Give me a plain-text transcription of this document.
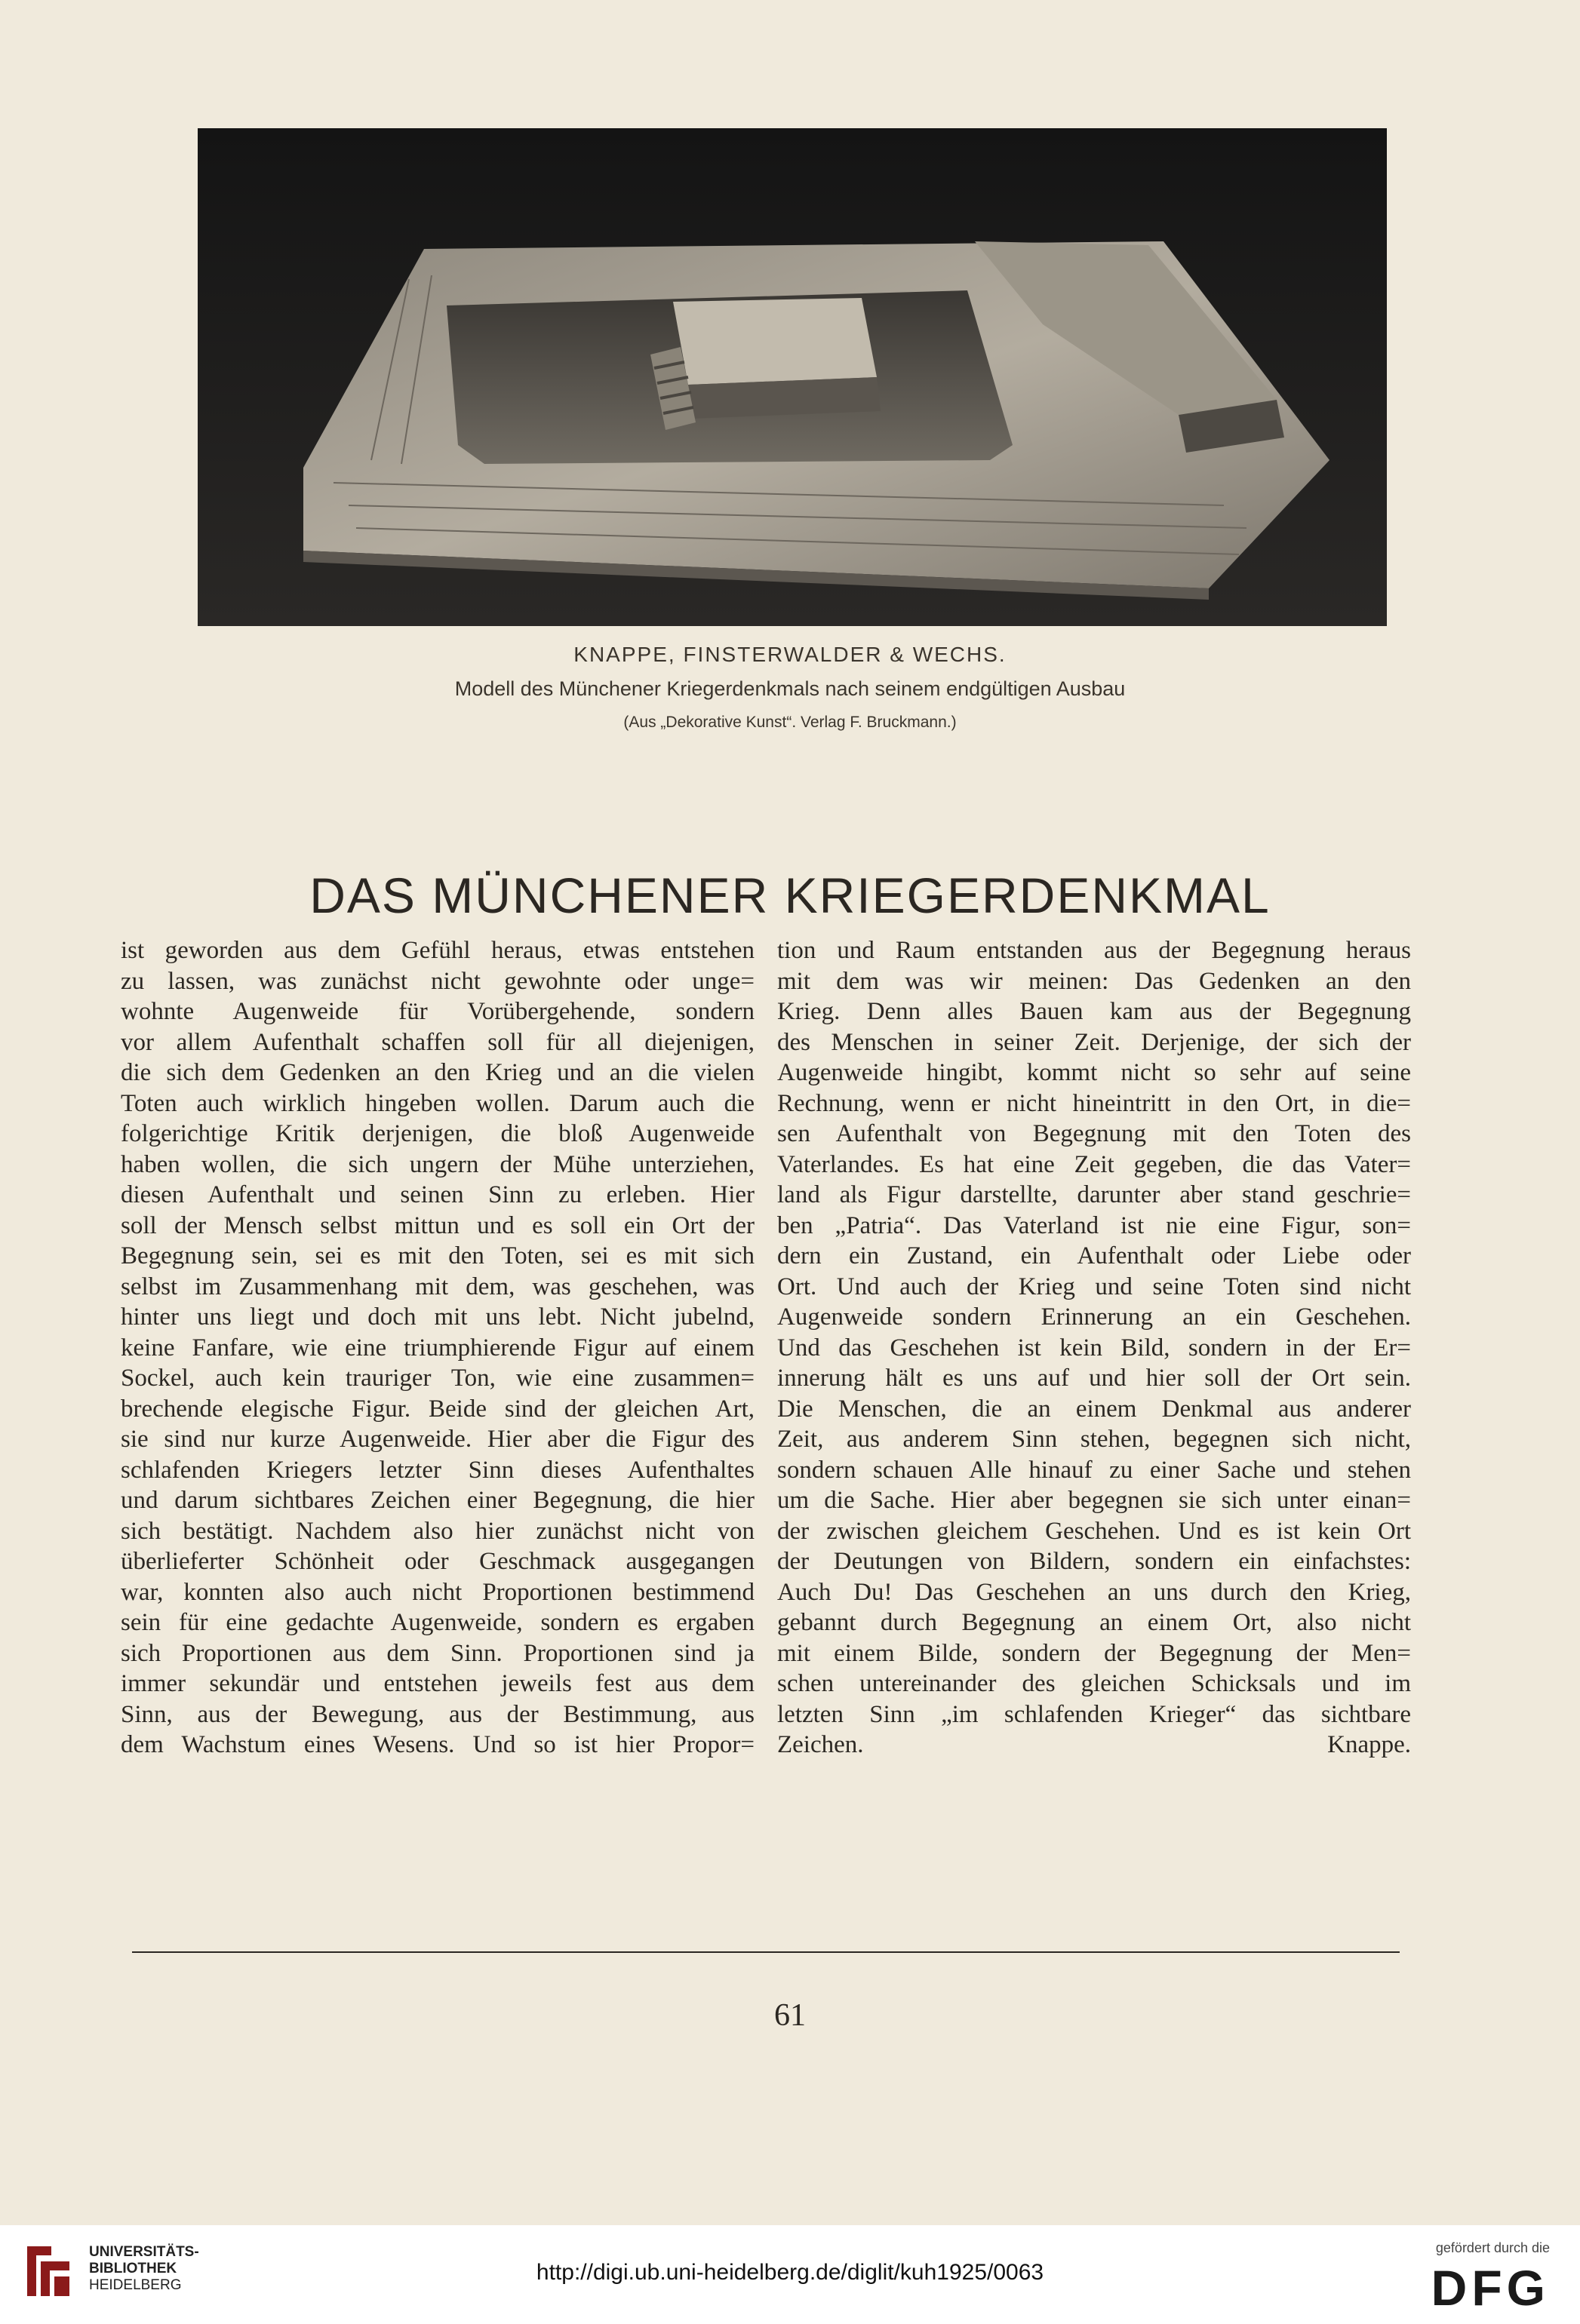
KNAPPE, FINSTERWALDER & WECHS.
Modell des Münchener Kriegerdenkmals nach seinem endgültigen Ausbau
(Aus „Dekorative Kunst“. Verlag F. Bruckmann.)
DAS MÜNCHENER KRIEGERDENKMAL
ist geworden aus dem Gefühl heraus, etwas entstehen
zu lassen, was zunächst nicht gewohnte oder unge=
wohnte Augenweide für Vorübergehende, sondern
vor allem Aufenthalt schaffen soll für all diejenigen,
die sich dem Gedenken an den Krieg und an die vielen
Toten auch wirklich hingeben wollen. Darum auch die
folgerichtige Kritik derjenigen, die bloß Augenweide
haben wollen, die sich ungern der Mühe unterziehen,
diesen Aufenthalt und seinen Sinn zu erleben. Hier
soll der Mensch selbst mittun und es soll ein Ort der
Begegnung sein, sei es mit den Toten, sei es mit sich
selbst im Zusammenhang mit dem, was geschehen, was
hinter uns liegt und doch mit uns lebt. Nicht jubelnd,
keine Fanfare, wie eine triumphierende Figur auf einem
Sockel, auch kein trauriger Ton, wie eine zusammen=
brechende elegische Figur. Beide sind der gleichen Art,
sie sind nur kurze Augenweide. Hier aber die Figur des
schlafenden Kriegers letzter Sinn dieses Aufenthaltes
und darum sichtbares Zeichen einer Begegnung, die hier
sich bestätigt. Nachdem also hier zunächst nicht von
überlieferter Schönheit oder Geschmack ausgegangen
war, konnten also auch nicht Proportionen bestimmend
sein für eine gedachte Augenweide, sondern es ergaben
sich Proportionen aus dem Sinn. Proportionen sind ja
immer sekundär und entstehen jeweils fest aus dem
Sinn, aus der Bewegung, aus der Bestimmung, aus
dem Wachstum eines Wesens. Und so ist hier Propor=
tion und Raum entstanden aus der Begegnung heraus
mit dem was wir meinen: Das Gedenken an den
Krieg. Denn alles Bauen kam aus der Begegnung
des Menschen in seiner Zeit. Derjenige, der sich der
Augenweide hingibt, kommt nicht so sehr auf seine
Rechnung, wenn er nicht hineintritt in den Ort, in die=
sen Aufenthalt von Begegnung mit den Toten des
Vaterlandes. Es hat eine Zeit gegeben, die das Vater=
land als Figur darstellte, darunter aber stand geschrie=
ben „Patria“. Das Vaterland ist nie eine Figur, son=
dern ein Zustand, ein Aufenthalt oder Liebe oder
Ort. Und auch der Krieg und seine Toten sind nicht
Augenweide sondern Erinnerung an ein Geschehen.
Und das Geschehen ist kein Bild, sondern in der Er=
innerung hält es uns auf und hier soll der Ort sein.
Die Menschen, die an einem Denkmal aus anderer
Zeit, aus anderem Sinn stehen, begegnen sich nicht,
sondern schauen Alle hinauf zu einer Sache und stehen
um die Sache. Hier aber begegnen sie sich unter einan=
der zwischen gleichem Geschehen. Und es ist kein Ort
der Deutungen von Bildern, sondern ein einfachstes:
Auch Du! Das Geschehen an uns durch den Krieg,
gebannt durch Begegnung an einem Ort, also nicht
mit einem Bilde, sondern der Begegnung der Men=
schen untereinander des gleichen Schicksals und im
letzten Sinn „im schlafenden Krieger“ das sichtbare
Zeichen.	Knappe.
61
UNIVERSITÄTS-
BIBLIOTHEK
HEIDELBERG
http://digi.ub.uni-heidelberg.de/diglit/kuh1925/0063
gefördert durch die
DFG
